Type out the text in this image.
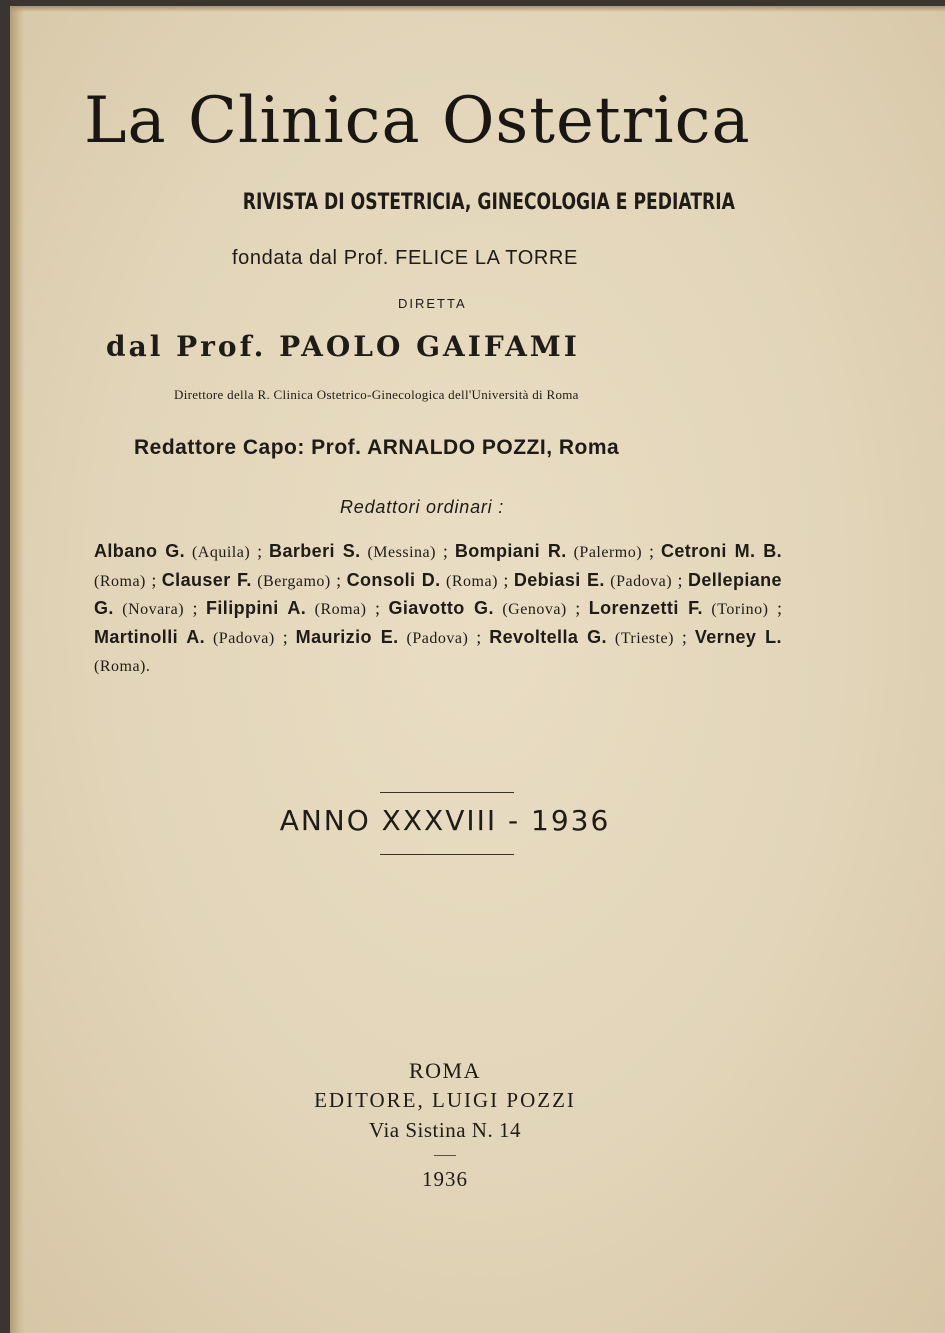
La Clinica Ostetrica
RIVISTA DI OSTETRICIA, GINECOLOGIA E PEDIATRIA
fondata dal Prof. FELICE LA TORRE
DIRETTA
dal Prof. PAOLO GAIFAMI
Direttore della R. Clinica Ostetrico-Ginecologica dell'Università di Roma
Redattore Capo: Prof. ARNALDO POZZI, Roma
Redattori ordinari :
Albano G. (Aquila) ; Barberi S. (Messina) ; Bompiani R. (Palermo) ; Cetroni M. B. (Roma) ; Clauser F. (Bergamo) ; Consoli D. (Roma) ; Debiasi E. (Padova) ; Dellepiane G. (Novara) ; Filippini A. (Roma) ; Giavotto G. (Genova) ; Lorenzetti F. (Torino) ; Martinolli A. (Padova) ; Maurizio E. (Padova) ; Revoltella G. (Trieste) ; Verney L. (Roma).
ANNO XXXVIII - 1936
ROMA
EDITORE, LUIGI POZZI
Via Sistina N. 14
1936
